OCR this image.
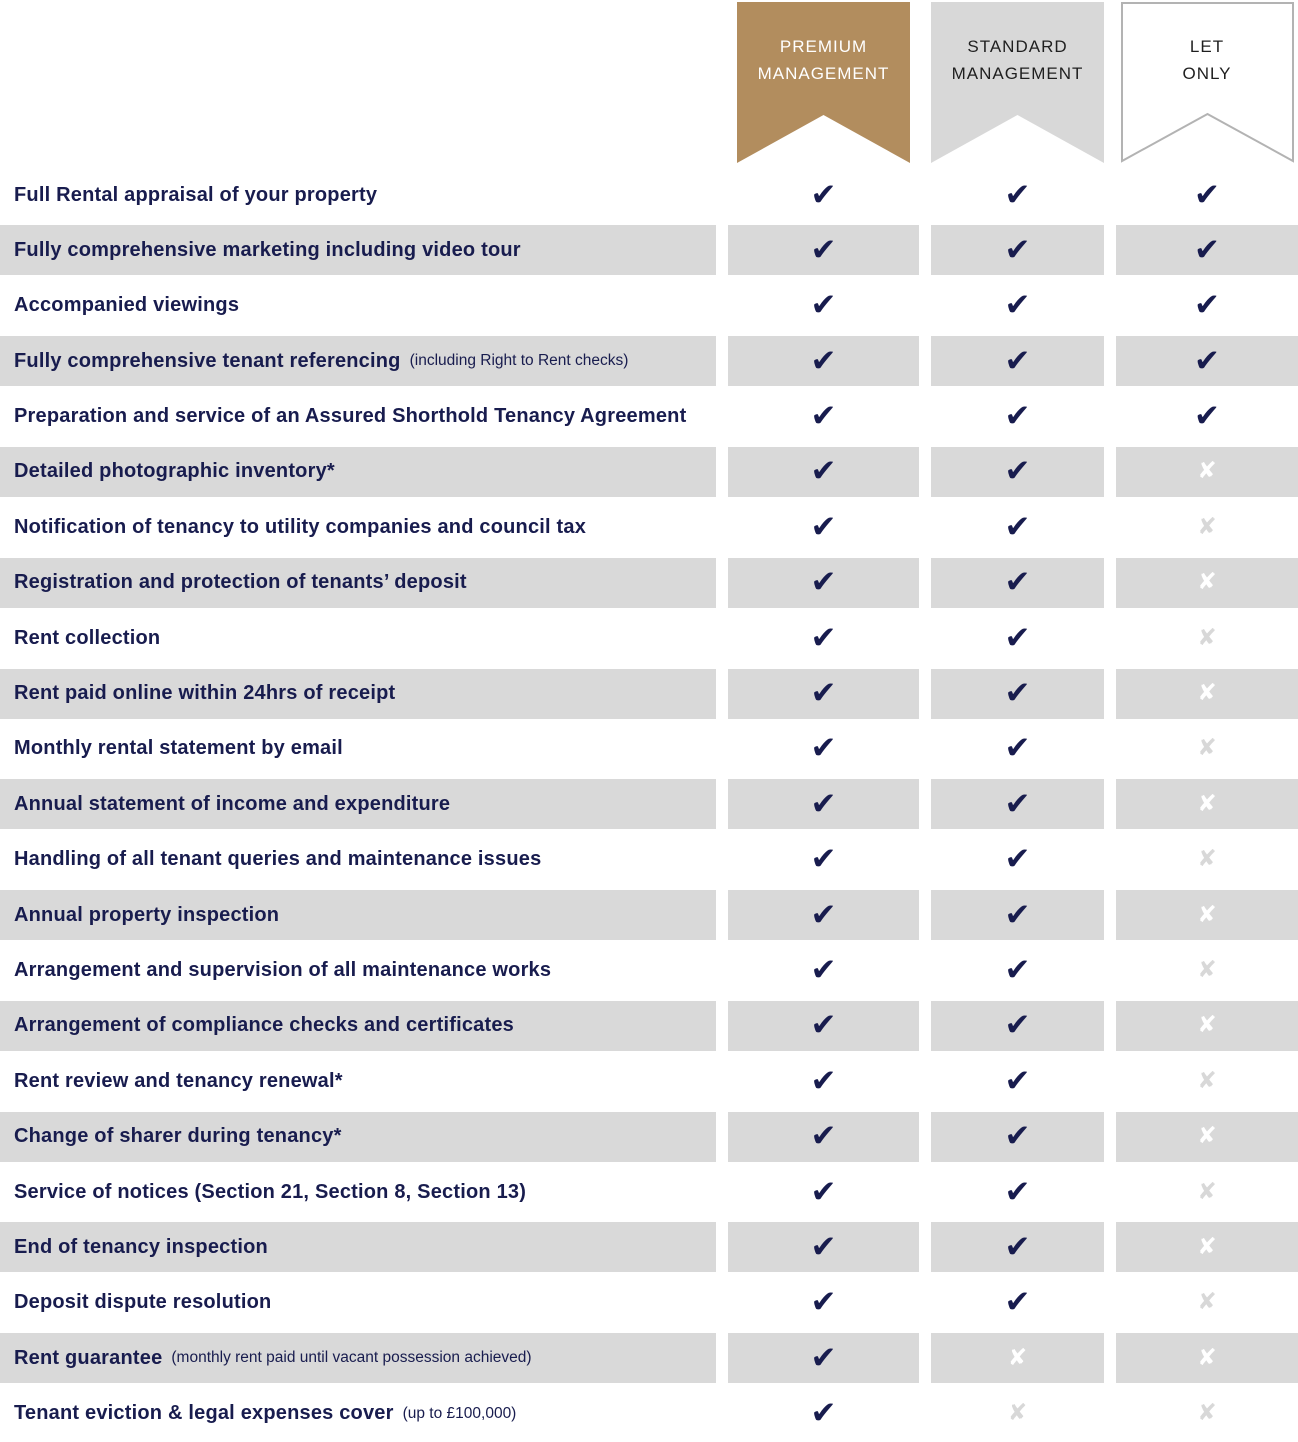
PREMIUM
MANAGEMENT
STANDARD
MANAGEMENT
LET
ONLY
Full Rental appraisal of your property	✔	✔	✔
Fully comprehensive marketing including video tour	✔	✔	✔
Accompanied viewings	✔	✔	✔
Fully comprehensive tenant referencing (including Right to Rent checks)	✔	✔	✔
Preparation and service of an Assured Shorthold Tenancy Agreement	✔	✔	✔
Detailed photographic inventory*	✔	✔	✘
Notification of tenancy to utility companies and council tax	✔	✔	✘
Registration and protection of tenants’ deposit	✔	✔	✘
Rent collection	✔	✔	✘
Rent paid online within 24hrs of receipt	✔	✔	✘
Monthly rental statement by email	✔	✔	✘
Annual statement of income and expenditure	✔	✔	✘
Handling of all tenant queries and maintenance issues	✔	✔	✘
Annual property inspection	✔	✔	✘
Arrangement and supervision of all maintenance works	✔	✔	✘
Arrangement of compliance checks and certificates	✔	✔	✘
Rent review and tenancy renewal*	✔	✔	✘
Change of sharer during tenancy*	✔	✔	✘
Service of notices (Section 21, Section 8, Section 13)	✔	✔	✘
End of tenancy inspection	✔	✔	✘
Deposit dispute resolution	✔	✔	✘
Rent guarantee (monthly rent paid until vacant possession achieved)	✔	✘	✘
Tenant eviction & legal expenses cover (up to £100,000)	✔	✘	✘
